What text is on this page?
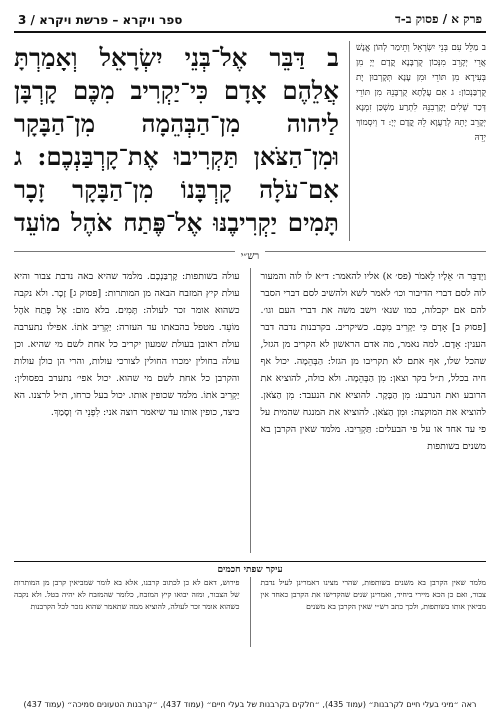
פרק א / פסוק ב-ד
ספר ויקרא – פרשת ויקרא / 3
ב מַלֵּל עִם בְּנֵי יִשְׂרָאֵל וְתֵימַר לְהוֹן אֱנָשׁ אֲרֵי יְקָרֵב מִנְּכוֹן קֻרְבָּנָא קֳדָם יְיָ מִן בְּעִירָא מִן תּוֹרֵי וּמִן עָנָא תְּקָרְבוּן יָת קֻרְבַּנְכוֹן: ג אִם עֲלָתָא קֻרְבָּנֵהּ מִן תּוֹרֵי דְּכַר שְׁלִים יְקָרְבִנֵּהּ לִתְרַע מַשְׁכַּן זִמְנָא יְקָרֵב יָתֵהּ לְרַעֲוָא לֵהּ קֳדָם יְיָ: ד וְיִסְמוֹךְ יְדֵהּ
ב דַּבֵּר אֶל־בְּנֵי יִשְׂרָאֵל וְאָמַרְתָּ אֲלֵהֶם אָדָם כִּי־יַקְרִיב מִכֶּם קָרְבָּן לַיהוה מִן־הַבְּהֵמָה מִן־הַבָּקָר וּמִן־הַצֹּאן תַּקְרִיבוּ אֶת־קָרְבַּנְכֶם: ג אִם־עֹלָה קָרְבָּנוֹ מִן־הַבָּקָר זָכָר תָּמִים יַקְרִיבֶנּוּ אֶל־פֶּתַח אֹהֶל מוֹעֵד
$^{רש״י}$
וַיְדַבֵּר ה׳ אֵלָיו לֵאמֹר (פס׳ א) אליו להאמר: ד״א לו לוה והמעור לוה לסם דברי הדיבור וכו׳ לאמר לשא ולהשיב לסם דברי הסבר להם אם יקבלוה, כמו שנא׳ וישב משה את דברי העם וגו׳. [פסוק ב] אָדָם כִּי יַקְרִיב מִכֶּם. כשיקריב. בקרבנות נדבה דבר הענין: אָדָם. למה נאמר, מה אדם הראשון לא הקריב מן הגזל, שהכל שלו, אף אתם לא תקריבו מן הגזל: הַבְּהֵמָה. יכול אף חיה בכלל, ת״ל בקר וצאן: מִן הַבְּהֵמָה. ולא כולה, להוציא את הרובע ואת הנרבע: מִן הַבָּקָר. להוציא את הנעבד: מִן הַצֹּאן. להוציא את המוקצה: וּמִן הַצֹּאן. להוציא את המנגח שהמית על פי עד אחד או על פי הבעלים: תַּקְרִיבוּ. מלמד שאין הקרבן בא משנים בשותפות
עולה בשותפות: קָרְבַּנְכֶם. מלמד שהיא באה נדבת צבור והיא עולת קיץ המזבח הבאה מן המותרות: [פסוק ג] זָכָר. ולא נקבה כשהוא אומר זכר לעולה: תָּמִים. בלא מום: אֶל פֶּתַח אֹהֶל מוֹעֵד. מטפל בהבאתו עד העזרה: יַקְרִיב אֹתוֹ. אפילו נתערבה עולת ראובן בעולת שמעון יקריב כל אחת לשם מי שהיא. וכן עולה בחולין ימכרו החולין לצורכי עולות, והרי הן כולן עולות והקרבן כל אחת לשם מי שהוא. יכול אפי׳ נתערב בפסולין: יַקְרִיב אֹתוֹ. מלמד שכופין אותו. יכול בעל כרחו, ת״ל לרצנו. הא כיצד, כופין אותו עד שיאמר רוצה אני: לִפְנֵי ה׳ וְסָמַךְ.
עיקר שפתי חכמים
מלמד שאין הקרבן בא משנים בשותפות, שהרי מצינו דאמרינן לעיל נדבת צבור, ואם כן הכא מיירי ביחיד, ואמרינן שנים שהקדישו את הקרבן כאחד אין מביאין אותו בשותפות, ולכך כתב רש״י שאין הקרבן בא משנים
פירוש, דאם לא כן לכתוב קרבנו, אלא בא לומר שמביאין קרבן מן המותרות של הצבור, ומזה יבואו קיץ המזבח, כלומר שהמזבח לא יהיה בטל. ולא נקבה כשהוא אומר זכר לעולה, להוציא ממה שתאמר שהוא נזכר לכל הקרבנות
ראה ״מיני בעלי חיים לקרבנות״ (עמוד 435), ״חלקים בקרבנות של בעלי חיים״ (עמוד 437), ״קרבנות הטעונים סמיכה״ (עמוד 437)
